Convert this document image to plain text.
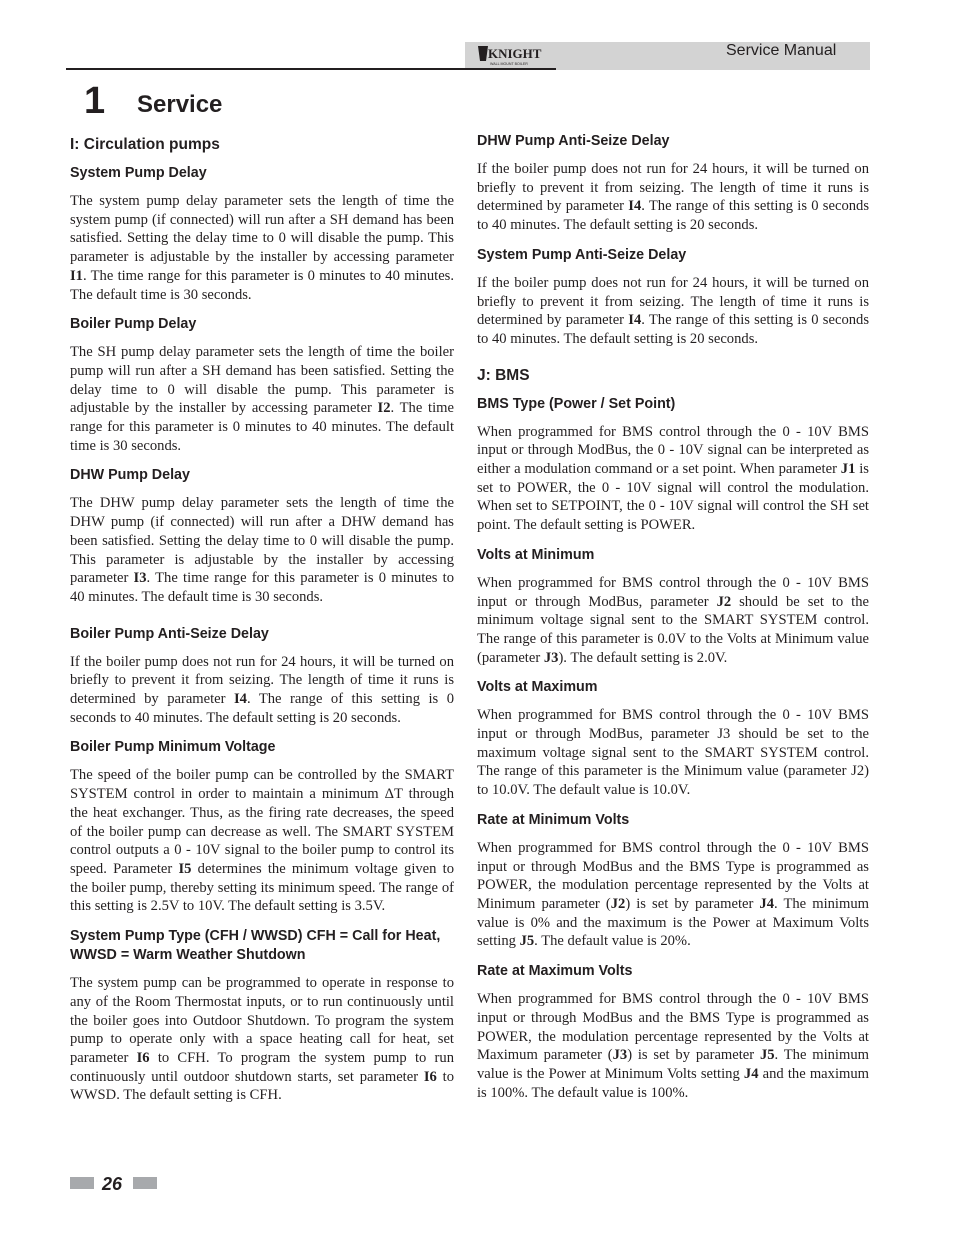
KNIGHT
WALL MOUNT BOILER
Service Manual
1 Service
I: Circulation pumps
System Pump Delay

The system pump delay parameter sets the length of time the system pump (if connected) will run after a SH demand has been satisfied. Setting the delay time to 0 will disable the pump. This parameter is adjustable by the installer by accessing parameter I1. The time range for this parameter is 0 minutes to 40 minutes. The default time is 30 seconds.

Boiler Pump Delay

The SH pump delay parameter sets the length of time the boiler pump will run after a SH demand has been satisfied. Setting the delay time to 0 will disable the pump. This parameter is adjustable by the installer by accessing parameter I2. The time range for this parameter is 0 minutes to 40 minutes. The default time is 30 seconds.

DHW Pump Delay

The DHW pump delay parameter sets the length of time the DHW pump (if connected) will run after a DHW demand has been satisfied. Setting the delay time to 0 will disable the pump. This parameter is adjustable by the installer by accessing parameter I3. The time range for this parameter is 0 minutes to 40 minutes. The default time is 30 seconds.

Boiler Pump Anti-Seize Delay

If the boiler pump does not run for 24 hours, it will be turned on briefly to prevent it from seizing. The length of time it runs is determined by parameter I4. The range of this setting is 0 seconds to 40 minutes. The default setting is 20 seconds.

Boiler Pump Minimum Voltage

The speed of the boiler pump can be controlled by the SMART SYSTEM control in order to maintain a minimum ΔT through the heat exchanger. Thus, as the firing rate decreases, the speed of the boiler pump can decrease as well. The SMART SYSTEM control outputs a 0 - 10V signal to the boiler pump to control its speed. Parameter I5 determines the minimum voltage given to the boiler pump, thereby setting its minimum speed. The range of this setting is 2.5V to 10V. The default setting is 3.5V.

System Pump Type (CFH / WWSD) CFH = Call for Heat, WWSD = Warm Weather Shutdown

The system pump can be programmed to operate in response to any of the Room Thermostat inputs, or to run continuously until the boiler goes into Outdoor Shutdown. To program the system pump to operate only with a space heating call for heat, set parameter I6 to CFH. To program the system pump to run continuously until outdoor shutdown starts, set parameter I6 to WWSD. The default setting is CFH.

DHW Pump Anti-Seize Delay

If the boiler pump does not run for 24 hours, it will be turned on briefly to prevent it from seizing. The length of time it runs is determined by parameter I4. The range of this setting is 0 seconds to 40 minutes. The default setting is 20 seconds.

System Pump Anti-Seize Delay

If the boiler pump does not run for 24 hours, it will be turned on briefly to prevent it from seizing. The length of time it runs is determined by parameter I4. The range of this setting is 0 seconds to 40 minutes. The default setting is 20 seconds.

J: BMS
BMS Type (Power / Set Point)

When programmed for BMS control through the 0 - 10V BMS input or through ModBus, the 0 - 10V signal can be interpreted as either a modulation command or a set point. When parameter J1 is set to POWER, the 0 - 10V signal will control the modulation. When set to SETPOINT, the 0 - 10V signal will control the SH set point. The default setting is POWER.

Volts at Minimum

When programmed for BMS control through the 0 - 10V BMS input or through ModBus, parameter J2 should be set to the minimum voltage signal sent to the SMART SYSTEM control. The range of this parameter is 0.0V to the Volts at Minimum value (parameter J3). The default setting is 2.0V.

Volts at Maximum

When programmed for BMS control through the 0 - 10V BMS input or through ModBus, parameter J3 should be set to the maximum voltage signal sent to the SMART SYSTEM control. The range of this parameter is the Minimum value (parameter J2) to 10.0V. The default value is 10.0V.

Rate at Minimum Volts

When programmed for BMS control through the 0 - 10V BMS input or through ModBus and the BMS Type is programmed as POWER, the modulation percentage represented by the Volts at Minimum parameter (J2) is set by parameter J4. The minimum value is 0% and the maximum is the Power at Maximum Volts setting J5. The default value is 20%.

Rate at Maximum Volts

When programmed for BMS control through the 0 - 10V BMS input or through ModBus and the BMS Type is programmed as POWER, the modulation percentage represented by the Volts at Maximum parameter (J3) is set by parameter J5. The minimum value is the Power at Minimum Volts setting J4 and the maximum is 100%. The default value is 100%.

26
